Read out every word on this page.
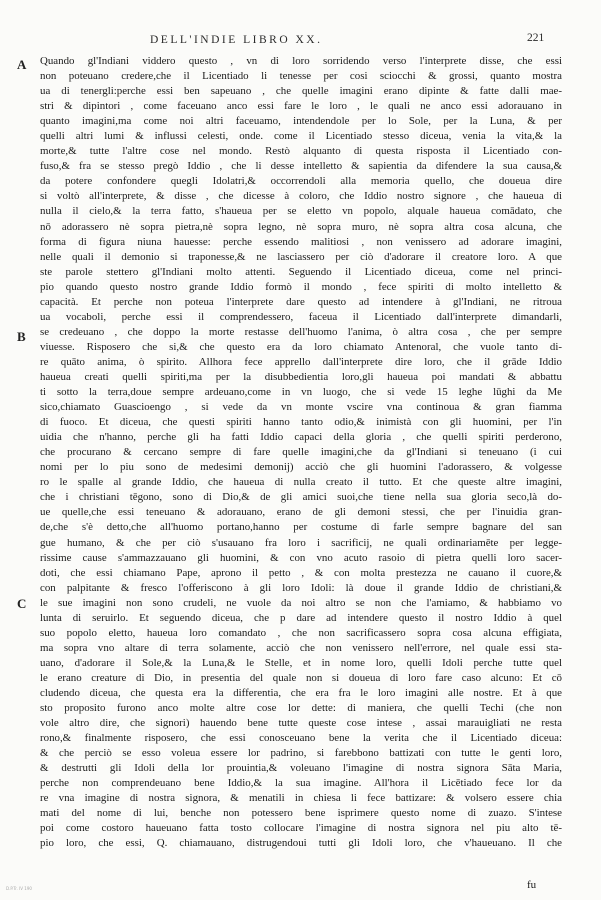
DELL'INDIE LIBRO XX.	221
A
B
C
Quando gl'Indiani viddero questo , vn di loro sorridendo verso l'interprete disse, che essi
non poteuano credere,che il Licentiado li tenesse per cosi sciocchi & grossi, quanto mostra
ua di tenergli:perche essi ben sapeuano , che quelle imagini erano dipinte & fatte dalli mae-
stri & dipintori , come faceuano anco essi fare le loro , le quali ne anco essi adorauano in
quanto imagini,ma come noi altri faceuamo, intendendole per lo Sole, per la Luna, & per
quelli altri lumi & influssi celesti, onde. come il Licentiado stesso diceua, venia la vita,& la
morte,& tutte l'altre cose nel mondo. Restò alquanto di questa risposta il Licentiado con-
fuso,& fra se stesso pregò Iddio , che li desse intelletto & sapientia da difendere la sua causa,&
da potere confondere quegli Idolatri,& occorrendoli alla memoria quello, che doueua dire
si voltò all'interprete, & disse , che dicesse à coloro, che Iddio nostro signore , che haueua di
nulla il cielo,& la terra fatto, s'haueua per se eletto vn popolo, alquale haueua comādato, che
nō adorassero nè sopra pietra,nè sopra legno, nè sopra muro, nè sopra altra cosa alcuna, che
forma di figura niuna hauesse: perche essendo malitiosi , non venissero ad adorare imagini,
nelle quali il demonio si traponesse,& ne lasciassero per ciò d'adorare il creatore loro. A que
ste parole stettero gl'Indiani molto attenti. Seguendo il Licentiado diceua, come nel princi-
pio quando questo nostro grande Iddio formò il mondo , fece spiriti di molto intelletto &
capacità. Et perche non poteua l'interprete dare questo ad intendere à gl'Indiani, ne ritroua
ua vocaboli, perche essi il comprendessero, faceua il Licentiado dall'interprete dimandarli,
se credeuano , che doppo la morte restasse dell'huomo l'anima, ò altra cosa , che per sempre
viuesse. Risposero che si,& che questo era da loro chiamato Antenoral, che vuole tanto di-
re quāto anima, ò spirito. Allhora fece apprello dall'interprete dire loro, che il grāde Iddio
haueua creati quelli spiriti,ma per la disubbedientia loro,gli haueua poi mandati & abbattu
ti sotto la terra,doue sempre ardeuano,come in vn luogo, che si vede 15 leghe lūghi da Me
sico,chiamato Guascioengo , si vede da vn monte vscire vna continoua & gran fiamma
di fuoco. Et diceua, che questi spiriti hanno tanto odio,& inimistà con gli huomini, per l'in
uidia che n'hanno, perche gli ha fatti Iddio capaci della gloria , che quelli spiriti perderono,
che procurano & cercano sempre di fare quelle imagini,che da gl'Indiani si teneuano (i cui
nomi per lo piu sono de medesimi demonij) acciò che gli huomini l'adorassero, & volgesse
ro le spalle al grande Iddio, che haueua di nulla creato il tutto. Et che queste altre imagini,
che i christiani tēgono, sono di Dio,& de gli amici suoi,che tiene nella sua gloria seco,là do-
ue quelle,che essi teneuano & adorauano, erano de gli demoni stessi, che per l'inuidia gran-
de,che s'è detto,che all'huomo portano,hanno per costume di farle sempre bagnare del san
gue humano, & che per ciò s'usauano fra loro i sacrificij, ne quali ordinariamēte per legge-
rissime cause s'ammazzauano gli huomini, & con vno acuto rasoio di pietra quelli loro sacer-
doti, che essi chiamano Pape, aprono il petto , & con molta prestezza ne cauano il cuore,&
con palpitante & fresco l'offeriscono à gli loro Idoli: là doue il grande Iddio de christiani,&
le sue imagini non sono crudeli, ne vuole da noi altro se non che l'amiamo, & habbiamo vo
lunta di seruirlo. Et seguendo diceua, che p dare ad intendere questo il nostro Iddio à quel
suo popolo eletto, haueua loro comandato , che non sacrificassero sopra cosa alcuna effigiata,
ma sopra vno altare di terra solamente, acciò che non venissero nell'errore, nel quale essi sta-
uano, d'adorare il Sole,& la Luna,& le Stelle, et in nome loro, quelli Idoli perche tutte quel
le erano creature di Dio, in presentia del quale non si doueua di loro fare caso alcuno: Et cō
cludendo diceua, che questa era la differentia, che era fra le loro imagini alle nostre. Et à que
sto proposito furono anco molte altre cose lor dette: di maniera, che quelli Techi (che non
vole altro dire, che signori) hauendo bene tutte queste cose intese , assai marauigliati ne resta
rono,& finalmente risposero, che essi conosceuano bene la verita che il Licentiado diceua:
& che perciò se esso voleua essere lor padrino, si farebbono battizati con tutte le genti loro,
& destrutti gli Idoli della lor prouintia,& voleuano l'imagine di nostra signora Sāta Maria,
perche non comprendeuano bene Iddio,& la sua imagine. All'hora il Licētiado fece lor da
re vna imagine di nostra signora, & menatili in chiesa li fece battizare: & volsero essere chia
mati del nome di lui, benche non potessero bene isprimere questo nome di zuazo. S'intese
poi come costoro haueuano fatta tosto collocare l'imagine di nostra signora nel piu alto tē-
pio loro, che essi, Q. chiamauano, distrugendoui tutti gli Idoli loro, che v'haueuano. Il che
fu
D.P.Tr. IV 190
